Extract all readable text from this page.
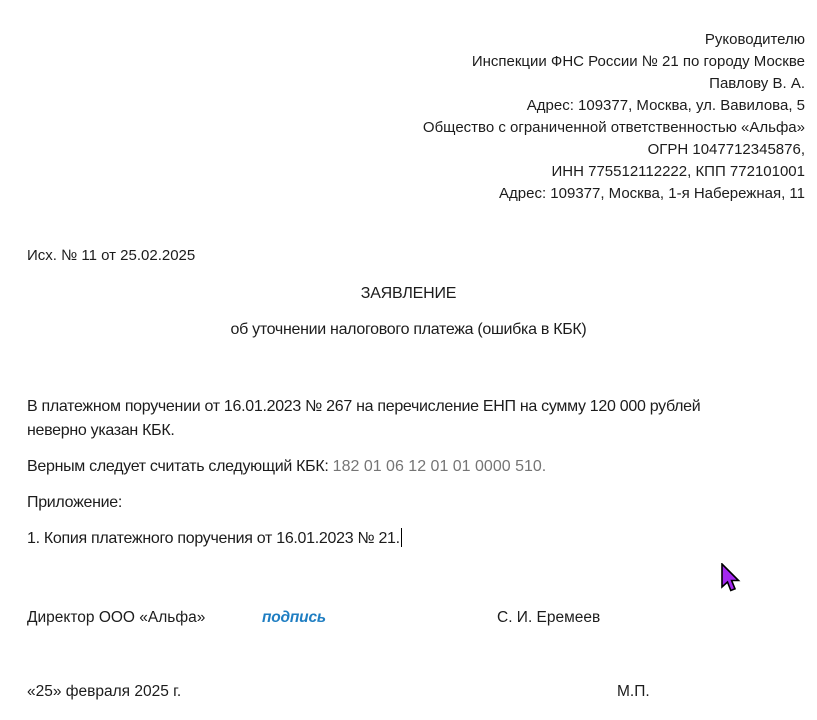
Руководителю
Инспекции ФНС России № 21 по городу Москве
Павлову В. А.
Адрес: 109377, Москва, ул. Вавилова, 5
Общество с ограниченной ответственностью «Альфа»
ОГРН 1047712345876,
ИНН 775512112222, КПП 772101001
Адрес: 109377, Москва, 1-я Набережная, 11
Исх. № 11 от 25.02.2025
ЗАЯВЛЕНИЕ
об уточнении налогового платежа (ошибка в КБК)
В платежном поручении от 16.01.2023 № 267 на перечисление ЕНП на сумму 120 000 рублей
неверно указан КБК.
Верным следует считать следующий КБК: 182 01 06 12 01 01 0000 510.
Приложение:
1. Копия платежного поручения от 16.01.2023 № 21.
Директор ООО «Альфа»	подпись	С. И. Еремеев
«25» февраля 2025 г.	М.П.
